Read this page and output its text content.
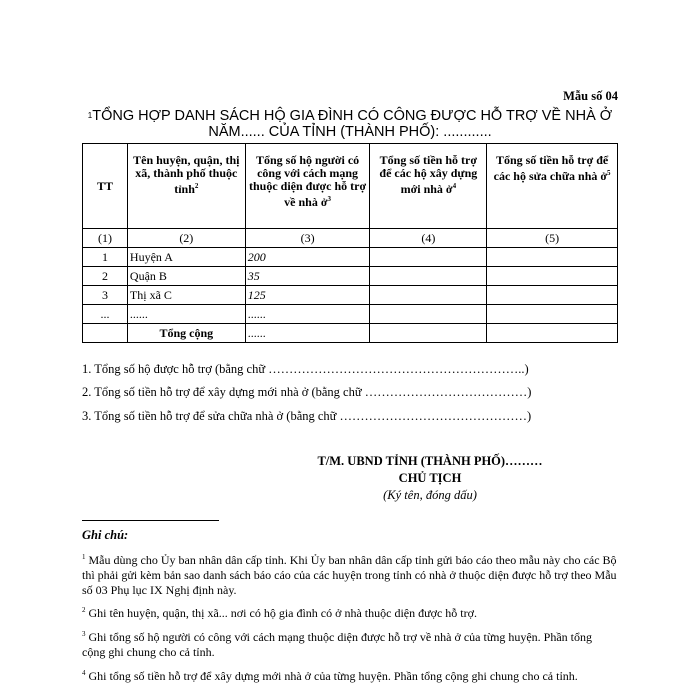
Mẫu số 04
$^1$TỔNG HỢP DANH SÁCH HỘ GIA ĐÌNH CÓ CÔNG ĐƯỢC HỖ TRỢ VỀ NHÀ Ở
NĂM...... CỦA TỈNH (THÀNH PHỐ): ............
TT	Tên huyện, quận, thị xã, thành phố thuộc tỉnh$^2$	Tổng số hộ người có công với cách mạng thuộc diện được hỗ trợ về nhà ở$^3$	Tổng số tiền hỗ trợ để các hộ xây dựng mới nhà ở$^4$	Tổng số tiền hỗ trợ để các hộ sửa chữa nhà ở$^5$
(1)	(2)	(3)	(4)	(5)
1	Huyện A	200		
2	Quận B	35		
3	Thị xã C	125		
...	......	......		
	Tổng cộng	......		
1. Tổng số hộ được hỗ trợ (bằng chữ ……………………………………………………..)
2. Tổng số tiền hỗ trợ để xây dựng mới nhà ở (bằng chữ …………………………………)
3. Tổng số tiền hỗ trợ để sửa chữa nhà ở (bằng chữ ………………………………………)
T/M. UBND TỈNH (THÀNH PHỐ)………
CHỦ TỊCH
(Ký tên, đóng dấu)
Ghi chú:
$^1$ Mẫu dùng cho Ủy ban nhân dân cấp tỉnh. Khi Ủy ban nhân dân cấp tỉnh gửi báo cáo theo mẫu này cho các Bộ thì phải gửi kèm bản sao danh sách báo cáo của các huyện trong tỉnh có nhà ở thuộc diện được hỗ trợ theo Mẫu số 03 Phụ lục IX Nghị định này.
$^2$ Ghi tên huyện, quận, thị xã... nơi có hộ gia đình có ở nhà thuộc diện được hỗ trợ.
$^3$ Ghi tổng số hộ người có công với cách mạng thuộc diện được hỗ trợ về nhà ở của từng huyện. Phần tổng cộng ghi chung cho cả tỉnh.
$^4$ Ghi tổng số tiền hỗ trợ để xây dựng mới nhà ở của từng huyện. Phần tổng cộng ghi chung cho cả tỉnh.
